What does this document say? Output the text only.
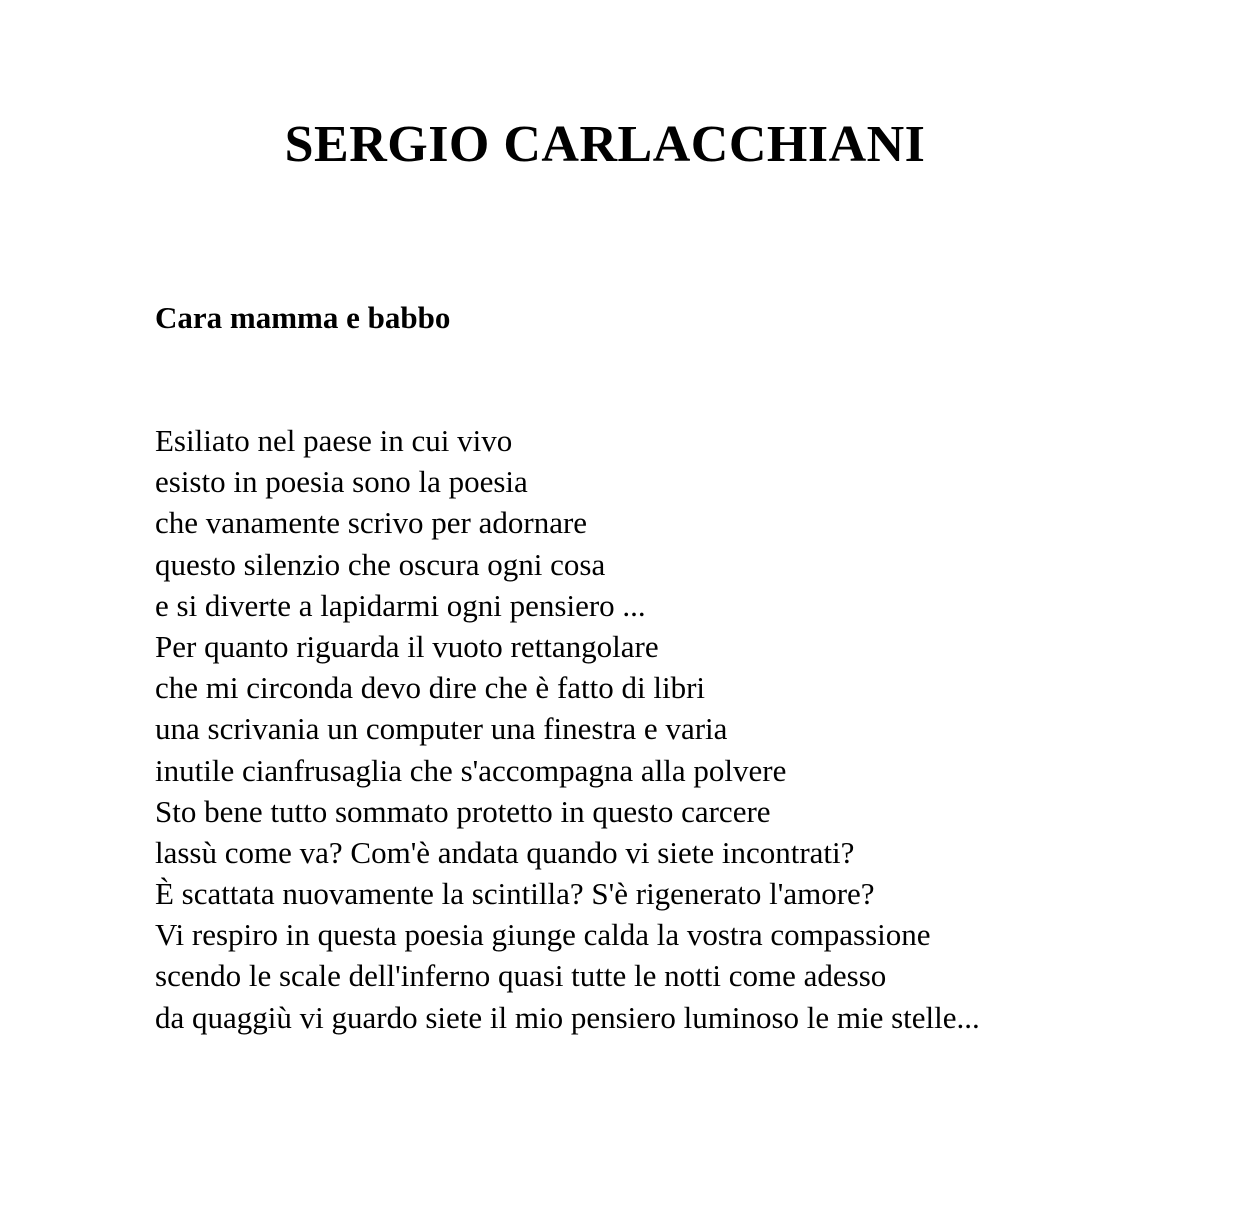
SERGIO CARLACCHIANI
Cara mamma e babbo
Esiliato nel paese in cui vivo
esisto in poesia sono la poesia
che vanamente scrivo per adornare
questo silenzio che oscura ogni cosa
e si diverte a lapidarmi ogni pensiero ...
Per quanto riguarda il vuoto rettangolare
che mi circonda devo dire che è fatto di libri
una scrivania un computer una finestra e varia
inutile cianfrusaglia che s'accompagna alla polvere
Sto bene tutto sommato protetto in questo carcere
lassù come va? Com'è andata quando vi siete incontrati?
È scattata nuovamente la scintilla? S'è rigenerato l'amore?
Vi respiro in questa poesia giunge calda la vostra compassione
scendo le scale dell'inferno quasi tutte le notti come adesso
da quaggiù vi guardo siete il mio pensiero luminoso le mie stelle...
